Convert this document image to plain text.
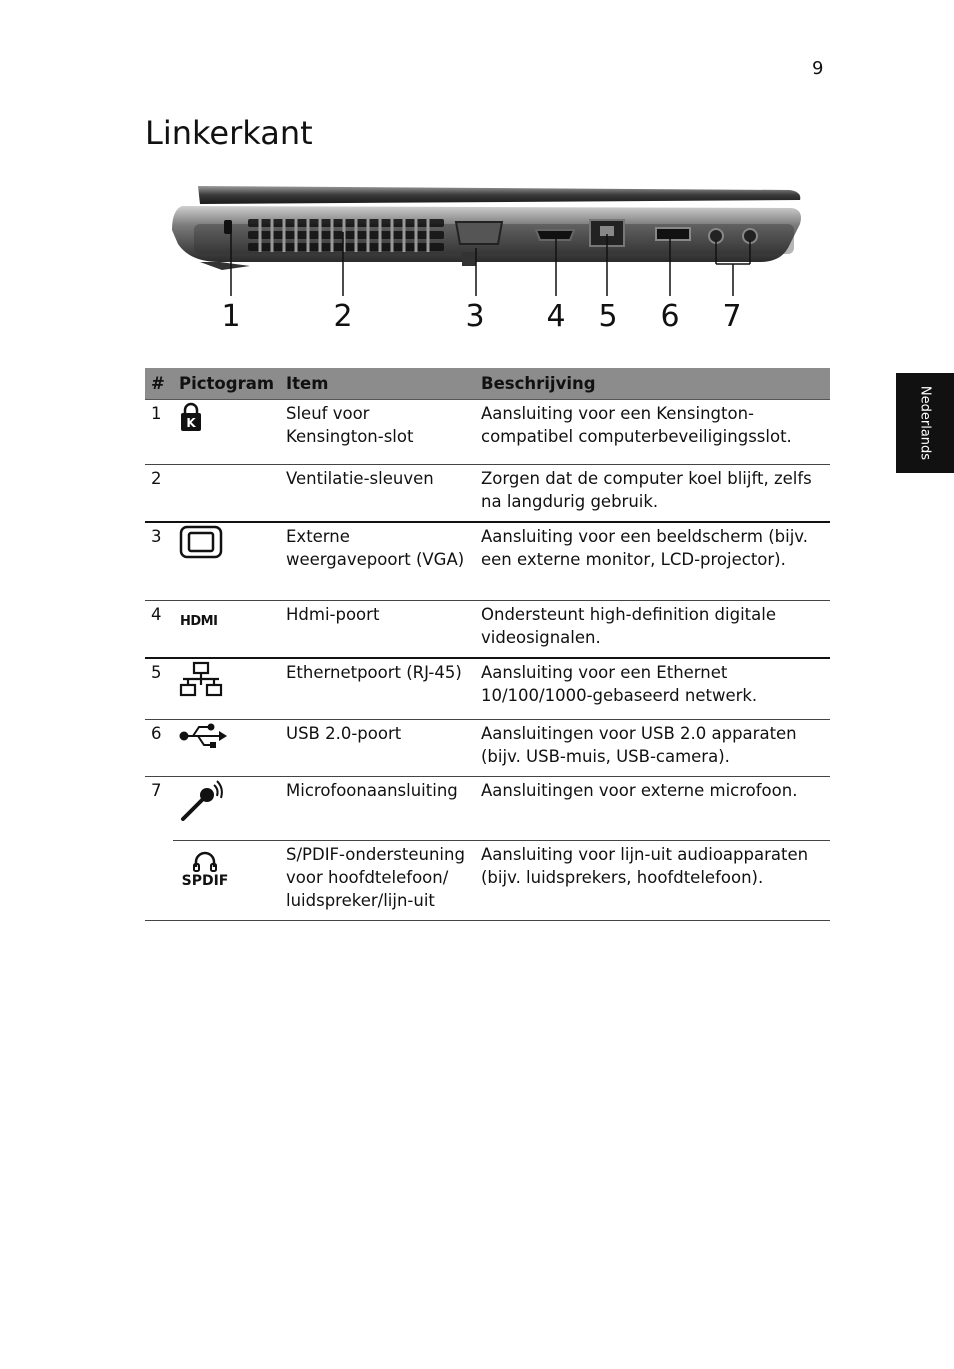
9
Linkerkant
Nederlands
1	2	3 4 5 6 7
#	Pictogram	Item	Beschrijving
1	K	Sleuf voor Kensington-slot	Aansluiting voor een Kensington-compatibel computerbeveiligingsslot.
2		Ventilatie-sleuven	Zorgen dat de computer koel blijft, zelfs na langdurig gebruik.
3		Externe weergavepoort (VGA)	Aansluiting voor een beeldscherm (bijv. een externe monitor, LCD-projector).
4	HDMI	Hdmi-poort	Ondersteunt high-definition digitale videosignalen.
5		Ethernetpoort (RJ-45)	Aansluiting voor een Ethernet 10/100/1000-gebaseerd netwerk.
6		USB 2.0-poort	Aansluitingen voor USB 2.0 apparaten (bijv. USB-muis, USB-camera).
7		Microfoonaansluiting	Aansluitingen voor externe microfoon.

	SPDIF	S/PDIF-ondersteuning voor hoofdtelefoon/ luidspreker/lijn-uit	Aansluiting voor lijn-uit audioapparaten (bijv. luidsprekers, hoofdtelefoon).
